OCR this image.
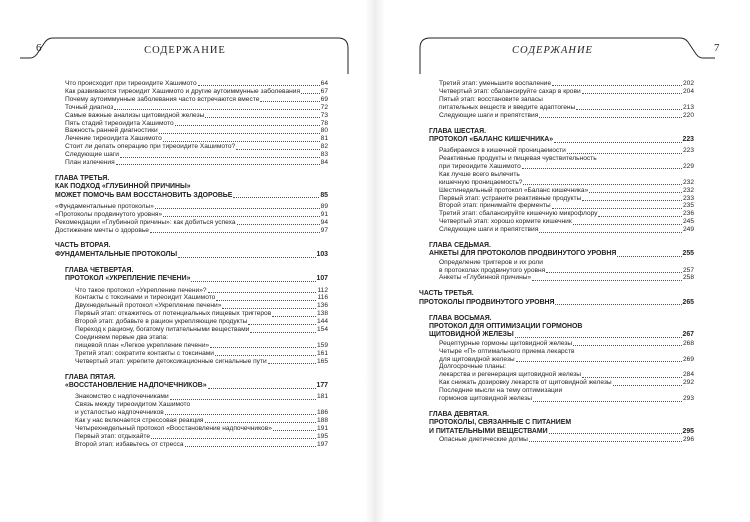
6	СОДЕРЖАНИЕ
Что происходит при тиреоидите Хашимото	64
Как развиваются тиреоидит Хашимото и другие аутоиммунные заболевания	67
Почему аутоиммунные заболевания часто встречаются вместе	69
Точный диагноз	72
Самые важные анализы щитовидной железы	73
Пять стадий тиреоидита Хашимото	78
Важность ранней диагностики	80
Лечение тиреоидита Хашимото	81
Стоит ли делать операцию при тиреоидите Хашимото?	82
Следующие шаги	83
План излечения	84
ГЛАВА ТРЕТЬЯ.
КАК ПОДХОД «ГЛУБИННОЙ ПРИЧИНЫ»
МОЖЕТ ПОМОЧЬ ВАМ ВОССТАНОВИТЬ ЗДОРОВЬЕ	85
«Фундаментальные протоколы»	89
«Протоколы продвинутого уровня»	91
Рекомендации «Глубинной причины»: как добиться успеха	94
Достижение мечты о здоровье	97
ЧАСТЬ ВТОРАЯ.
ФУНДАМЕНТАЛЬНЫЕ ПРОТОКОЛЫ	103
ГЛАВА ЧЕТВЕРТАЯ.
ПРОТОКОЛ «УКРЕПЛЕНИЕ ПЕЧЕНИ»	107
Что такое протокол «Укрепление печени»?	112
Контакты с токсинами и тиреоидит Хашимото	116
Двухнедельный протокол «Укрепление печени»	136
Первый этап: откажитесь от потенциальных пищевых триггеров	138
Второй этап: добавьте в рацион укрепляющие продукты	144
Переход к рациону, богатому питательными веществами	154
Соединяем первые два этапа:
пищевой план «Легкое укрепление печени»	159
Третий этап: сократите контакты с токсинами	161
Четвертый этап: укрепите детоксикационные сигнальные пути	165
ГЛАВА ПЯТАЯ.
«ВОССТАНОВЛЕНИЕ НАДПОЧЕЧНИКОВ»	177
Знакомство с надпочечниками	181
Связь между тиреоидитом Хашимото
и усталостью надпочечников	186
Как у нас включается стрессовая реакция	188
Четырехнедельный протокол «Восстановление надпочечников»	191
Первый этап: отдыхайте	195
Второй этап: избавьтесь от стресса	197
7
СОДЕРЖАНИЕ
Третий этап: уменьшите воспаление	202
Четвертый этап: сбалансируйте сахар в крови	204
Пятый этап: восстановите запасы
питательных веществ и введите адаптогены	213
Следующие шаги и препятствия	220
ГЛАВА ШЕСТАЯ.
ПРОТОКОЛ «БАЛАНС КИШЕЧНИКА»	223
Разбираемся в кишечной проницаемости	223
Реактивные продукты и пищевая чувствительность
при тиреоидите Хашимото	229
Как лучше всего вылечить
кишечную проницаемость?	232
Шестинедельный протокол «Баланс кишечника»	232
Первый этап: устраните реактивные продукты	233
Второй этап: принимайте ферменты	235
Третий этап: сбалансируйте кишечную микрофлору	236
Четвертый этап: хорошо кормите кишечник	245
Следующие шаги и препятствия	249
ГЛАВА СЕДЬМАЯ.
АНКЕТЫ ДЛЯ ПРОТОКОЛОВ ПРОДВИНУТОГО УРОВНЯ	255
Определение триггеров и их роли
в протоколах продвинутого уровня	257
Анкеты «Глубинной причины»	258
ЧАСТЬ ТРЕТЬЯ.
ПРОТОКОЛЫ ПРОДВИНУТОГО УРОВНЯ	265
ГЛАВА ВОСЬМАЯ.
ПРОТОКОЛ ДЛЯ ОПТИМИЗАЦИИ ГОРМОНОВ
ЩИТОВИДНОЙ ЖЕЛЕЗЫ	267
Рецептурные гормоны щитовидной железы	268
Четыре «П» оптимального приема лекарств
для щитовидной железы	269
Долгосрочные планы:
лекарства и регенерация щитовидной железы	284
Как снижать дозировку лекарств от щитовидной железы	292
Последние мысли на тему оптимизации
гормонов щитовидной железы	293
ГЛАВА ДЕВЯТАЯ.
ПРОТОКОЛЫ, СВЯЗАННЫЕ С ПИТАНИЕМ
И ПИТАТЕЛЬНЫМИ ВЕЩЕСТВАМИ	295
Опасные диетические догмы	296
